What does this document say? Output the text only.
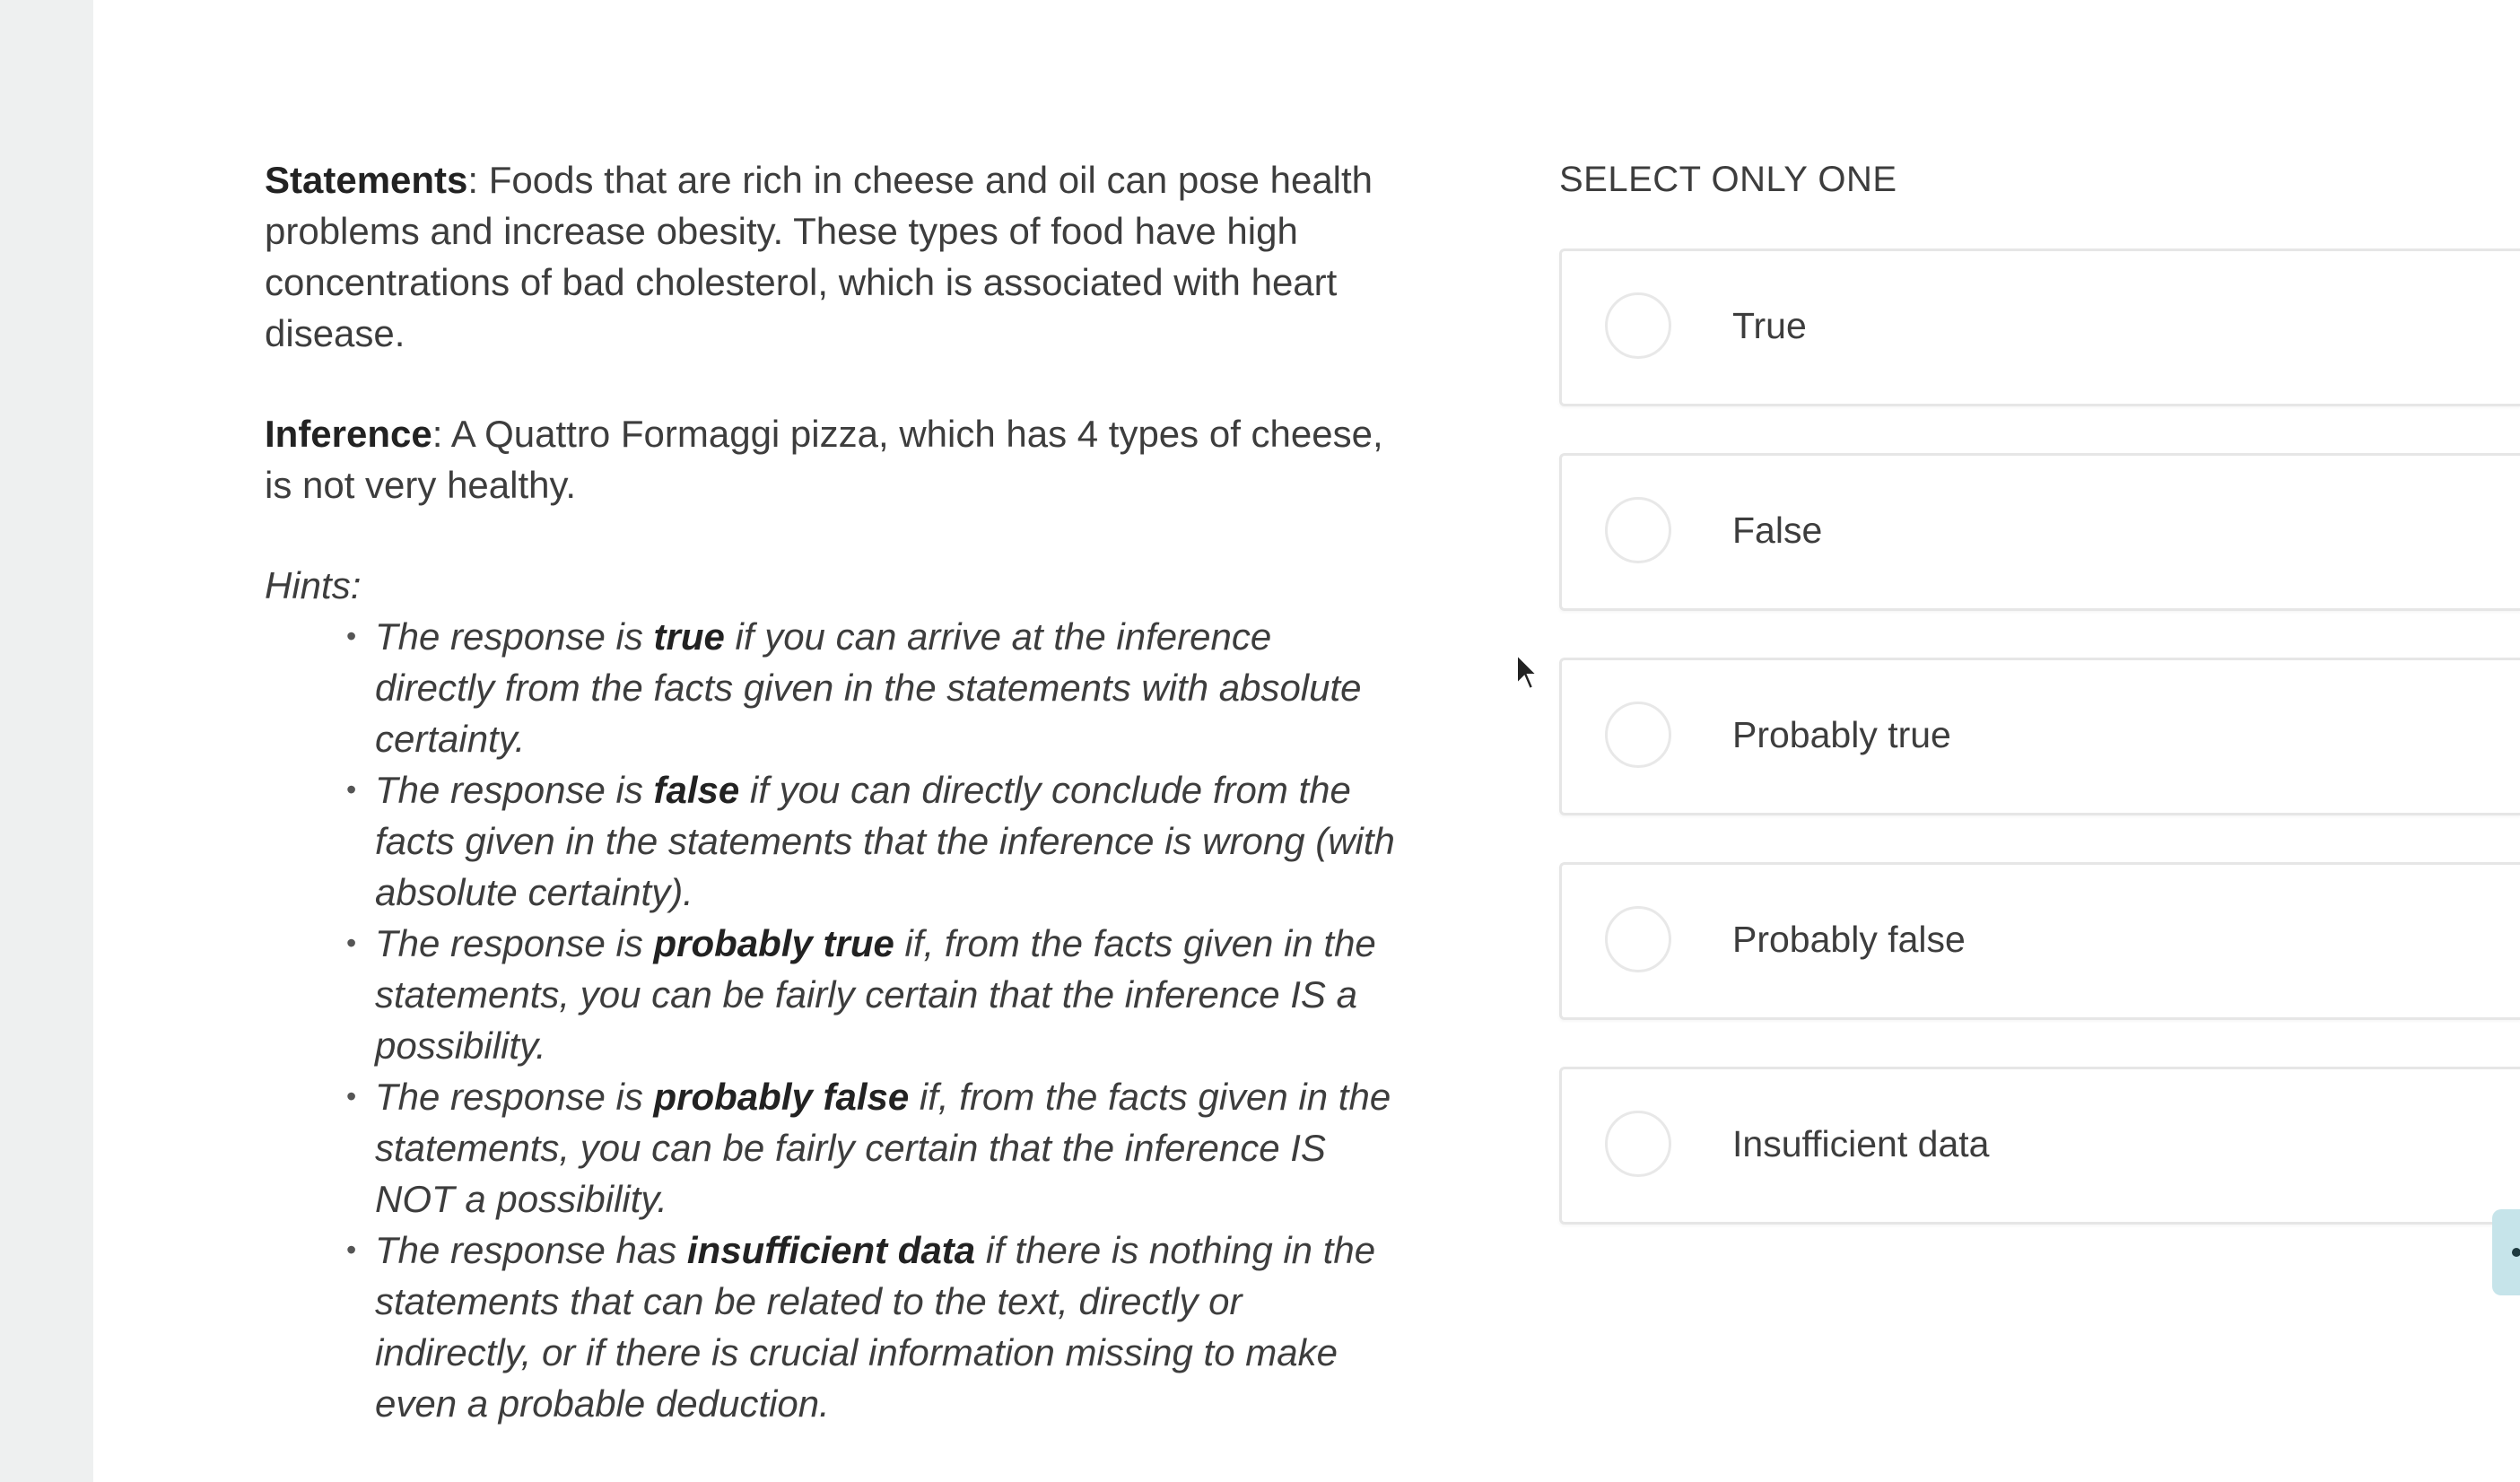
Statements: Foods that are rich in cheese and oil can pose health problems and increase obesity. These types of food have high concentrations of bad cholesterol, which is associated with heart disease.

Inference: A Quattro Formaggi pizza, which has 4 types of cheese, is not very healthy.

Hints:

• The response is true if you can arrive at the inference directly from the facts given in the statements with absolute certainty.
• The response is false if you can directly conclude from the facts given in the statements that the inference is wrong (with absolute certainty).
• The response is probably true if, from the facts given in the statements, you can be fairly certain that the inference IS a possibility.
• The response is probably false if, from the facts given in the statements, you can be fairly certain that the inference IS NOT a possibility.
• The response has insufficient data if there is nothing in the statements that can be related to the text, directly or indirectly, or if there is crucial information missing to make even a probable deduction.

SELECT ONLY ONE

True
False
Probably true
Probably false
Insufficient data
